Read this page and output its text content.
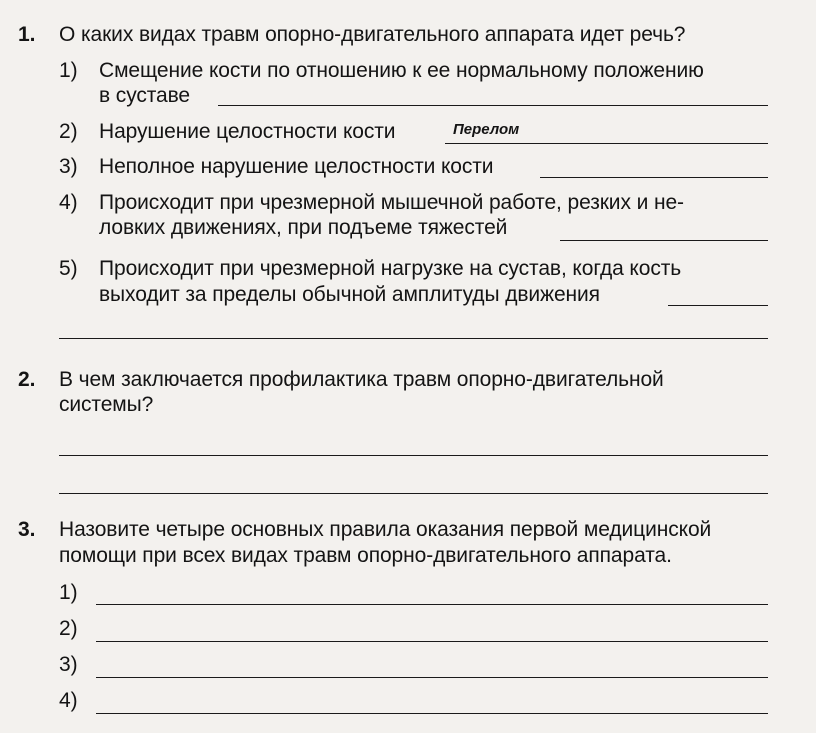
1. О каких видах травм опорно-двигательного аппарата идет речь?
1) Смещение кости по отношению к ее нормальному положению
в суставе
2) Нарушение целостности кости	Перелом
3) Неполное нарушение целостности кости
4) Происходит при чрезмерной мышечной работе, резких и не-
ловких движениях, при подъеме тяжестей
5) Происходит при чрезмерной нагрузке на сустав, когда кость
выходит за пределы обычной амплитуды движения
2. В чем заключается профилактика травм опорно-двигательной
системы?
3. Назовите четыре основных правила оказания первой медицинской
помощи при всех видах травм опорно-двигательного аппарата.
1)
2)
3)
4)
